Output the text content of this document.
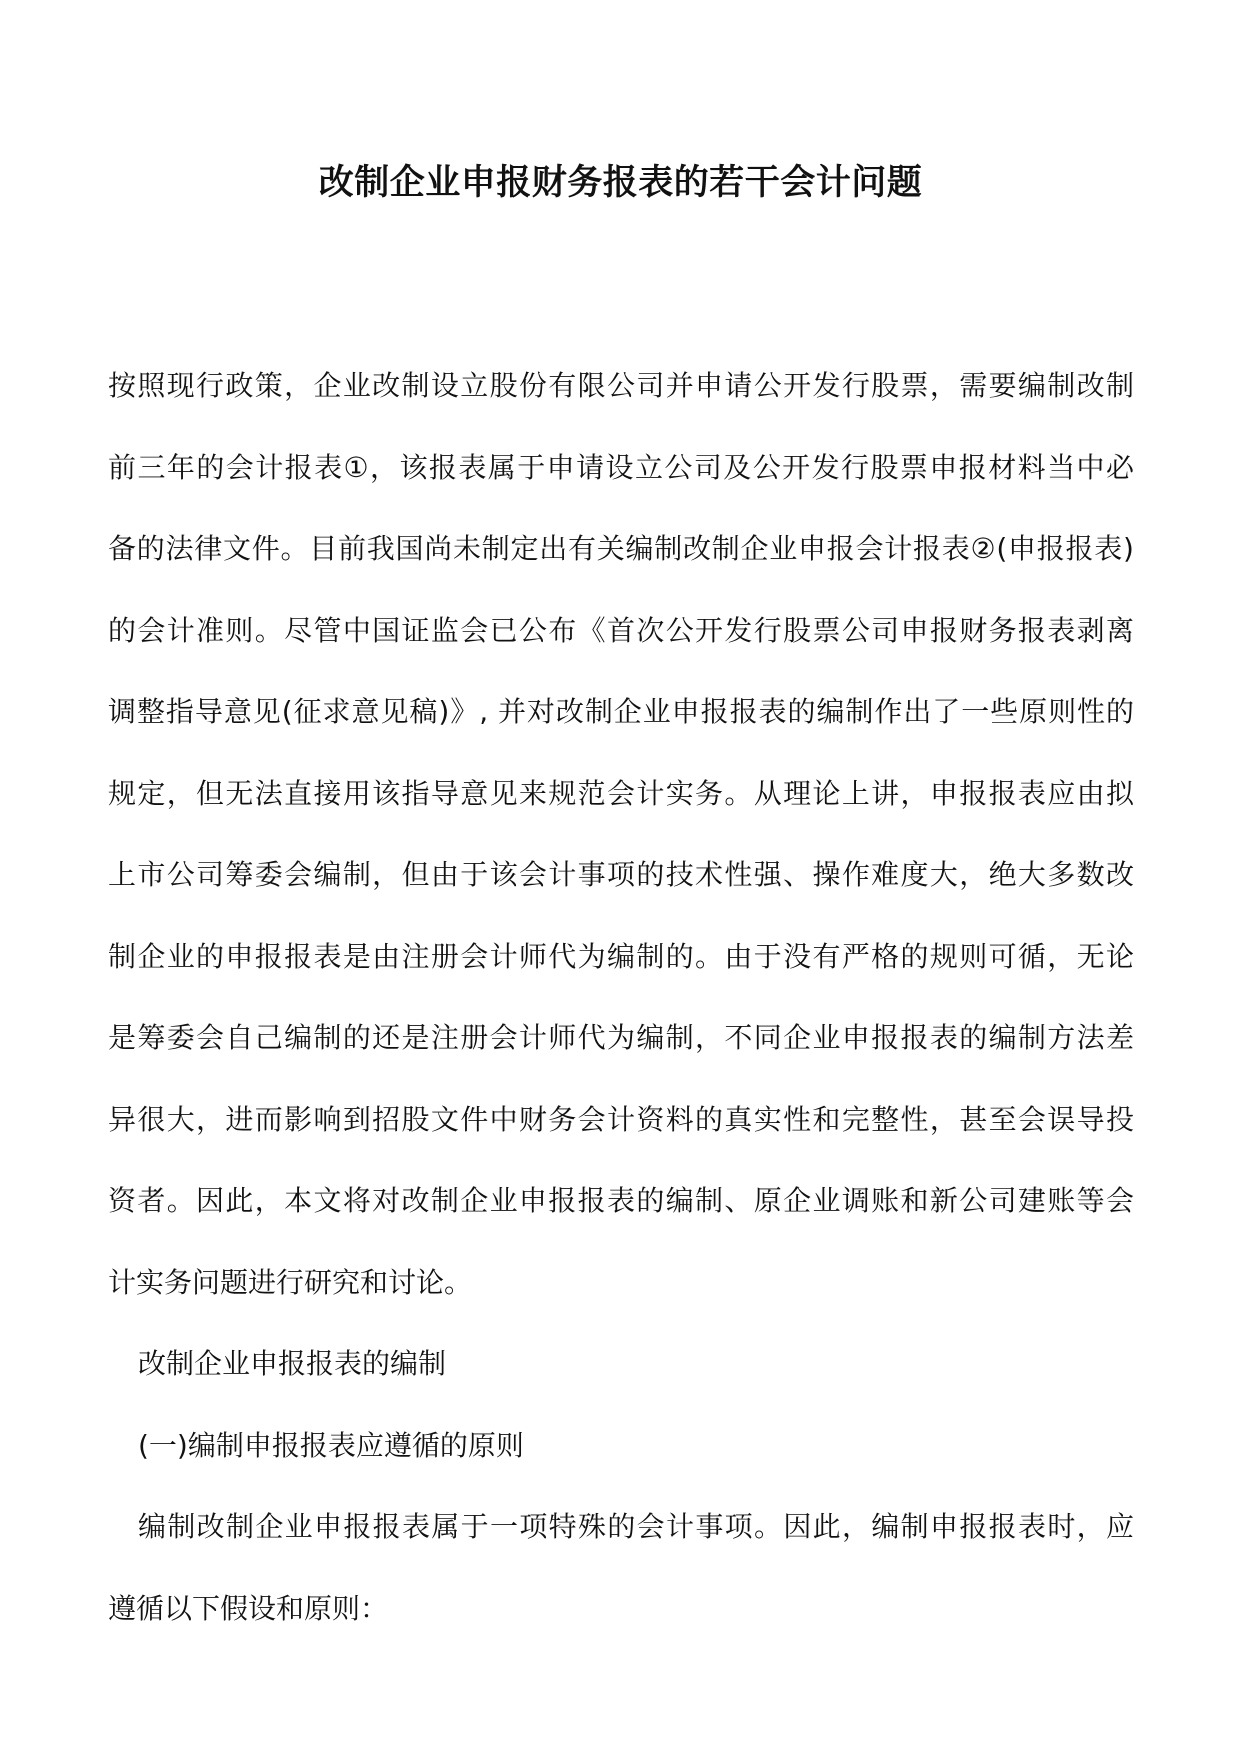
改制企业申报财务报表的若干会计问题

按照现行政策，企业改制设立股份有限公司并申请公开发行股票，需要编制改制
前三年的会计报表①，该报表属于申请设立公司及公开发行股票申报材料当中必
备的法律文件。目前我国尚未制定出有关编制改制企业申报会计报表②(申报报表)
的会计准则。尽管中国证监会已公布《首次公开发行股票公司申报财务报表剥离
调整指导意见(征求意见稿)》, 并对改制企业申报报表的编制作出了一些原则性的
规定，但无法直接用该指导意见来规范会计实务。从理论上讲，申报报表应由拟
上市公司筹委会编制，但由于该会计事项的技术性强、操作难度大，绝大多数改
制企业的申报报表是由注册会计师代为编制的。由于没有严格的规则可循，无论
是筹委会自己编制的还是注册会计师代为编制，不同企业申报报表的编制方法差
异很大，进而影响到招股文件中财务会计资料的真实性和完整性，甚至会误导投
资者。因此，本文将对改制企业申报报表的编制、原企业调账和新公司建账等会
计实务问题进行研究和讨论。

改制企业申报报表的编制

(一)编制申报报表应遵循的原则

编制改制企业申报报表属于一项特殊的会计事项。因此，编制申报报表时，应
遵循以下假设和原则：
